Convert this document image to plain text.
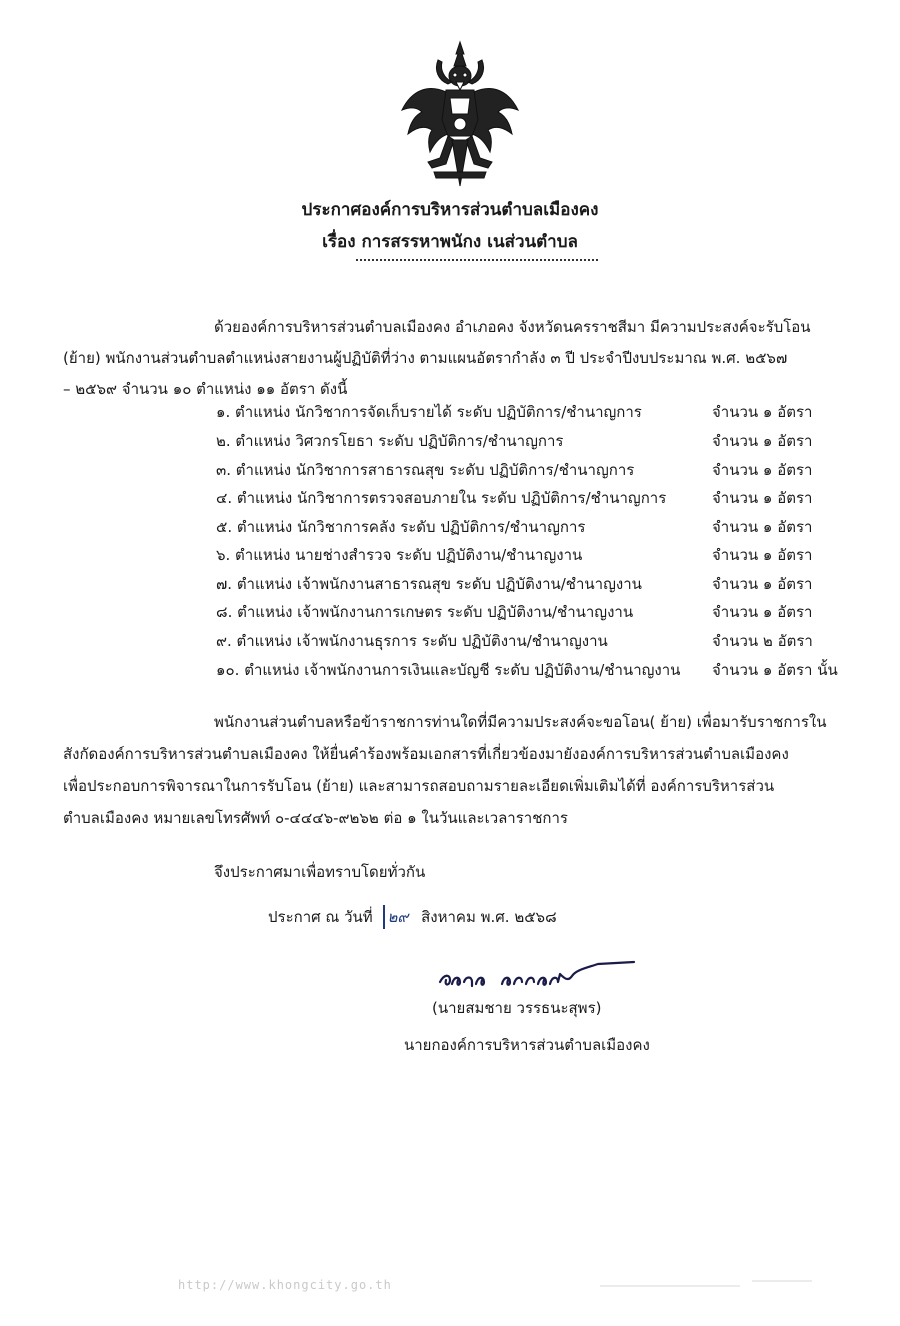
ประกาศองค์การบริหารส่วนตำบลเมืองคง
เรื่อง การสรรหาพนักง เนส่วนตำบล
ด้วยองค์การบริหารส่วนตำบลเมืองคง อำเภอคง จังหวัดนครราชสีมา มีความประสงค์จะรับโอน
(ย้าย) พนักงานส่วนตำบลตำแหน่งสายงานผู้ปฏิบัติที่ว่าง ตามแผนอัตรากำลัง ๓ ปี ประจำปีงบประมาณ พ.ศ. ๒๕๖๗
– ๒๕๖๙ จำนวน ๑๐ ตำแหน่ง ๑๑ อัตรา ดังนี้
๑. ตำแหน่ง นักวิชาการจัดเก็บรายได้ ระดับ ปฏิบัติการ/ชำนาญการ	จำนวน ๑ อัตรา
๒. ตำแหน่ง วิศวกรโยธา ระดับ ปฏิบัติการ/ชำนาญการ	จำนวน ๑ อัตรา
๓. ตำแหน่ง นักวิชาการสาธารณสุข ระดับ ปฏิบัติการ/ชำนาญการ	จำนวน ๑ อัตรา
๔. ตำแหน่ง นักวิชาการตรวจสอบภายใน ระดับ ปฏิบัติการ/ชำนาญการ	จำนวน ๑ อัตรา
๕. ตำแหน่ง นักวิชาการคลัง ระดับ ปฏิบัติการ/ชำนาญการ	จำนวน ๑ อัตรา
๖. ตำแหน่ง นายช่างสำรวจ ระดับ ปฏิบัติงาน/ชำนาญงาน	จำนวน ๑ อัตรา
๗. ตำแหน่ง เจ้าพนักงานสาธารณสุข ระดับ ปฏิบัติงาน/ชำนาญงาน	จำนวน ๑ อัตรา
๘. ตำแหน่ง เจ้าพนักงานการเกษตร ระดับ ปฏิบัติงาน/ชำนาญงาน	จำนวน ๑ อัตรา
๙. ตำแหน่ง เจ้าพนักงานธุรการ ระดับ ปฏิบัติงาน/ชำนาญงาน	จำนวน ๒ อัตรา
๑๐. ตำแหน่ง เจ้าพนักงานการเงินและบัญชี ระดับ ปฏิบัติงาน/ชำนาญงาน จำนวน ๑ อัตรา นั้น
พนักงานส่วนตำบลหรือข้าราชการท่านใดที่มีความประสงค์จะขอโอน( ย้าย) เพื่อมารับราชการใน
สังกัดองค์การบริหารส่วนตำบลเมืองคง ให้ยื่นคำร้องพร้อมเอกสารที่เกี่ยวข้องมายังองค์การบริหารส่วนตำบลเมืองคง
เพื่อประกอบการพิจารณาในการรับโอน (ย้าย) และสามารถสอบถามรายละเอียดเพิ่มเติมได้ที่ องค์การบริหารส่วน
ตำบลเมืองคง หมายเลขโทรศัพท์ ๐-๔๔๔๖-๙๒๖๒ ต่อ ๑ ในวันและเวลาราชการ
จึงประกาศมาเพื่อทราบโดยทั่วกัน
ประกาศ ณ วันที่ ๒๙ สิงหาคม พ.ศ. ๒๕๖๘
(นายสมชาย วรรธนะสุพร)
นายกองค์การบริหารส่วนตำบลเมืองคง
http://www.khongcity.go.th
